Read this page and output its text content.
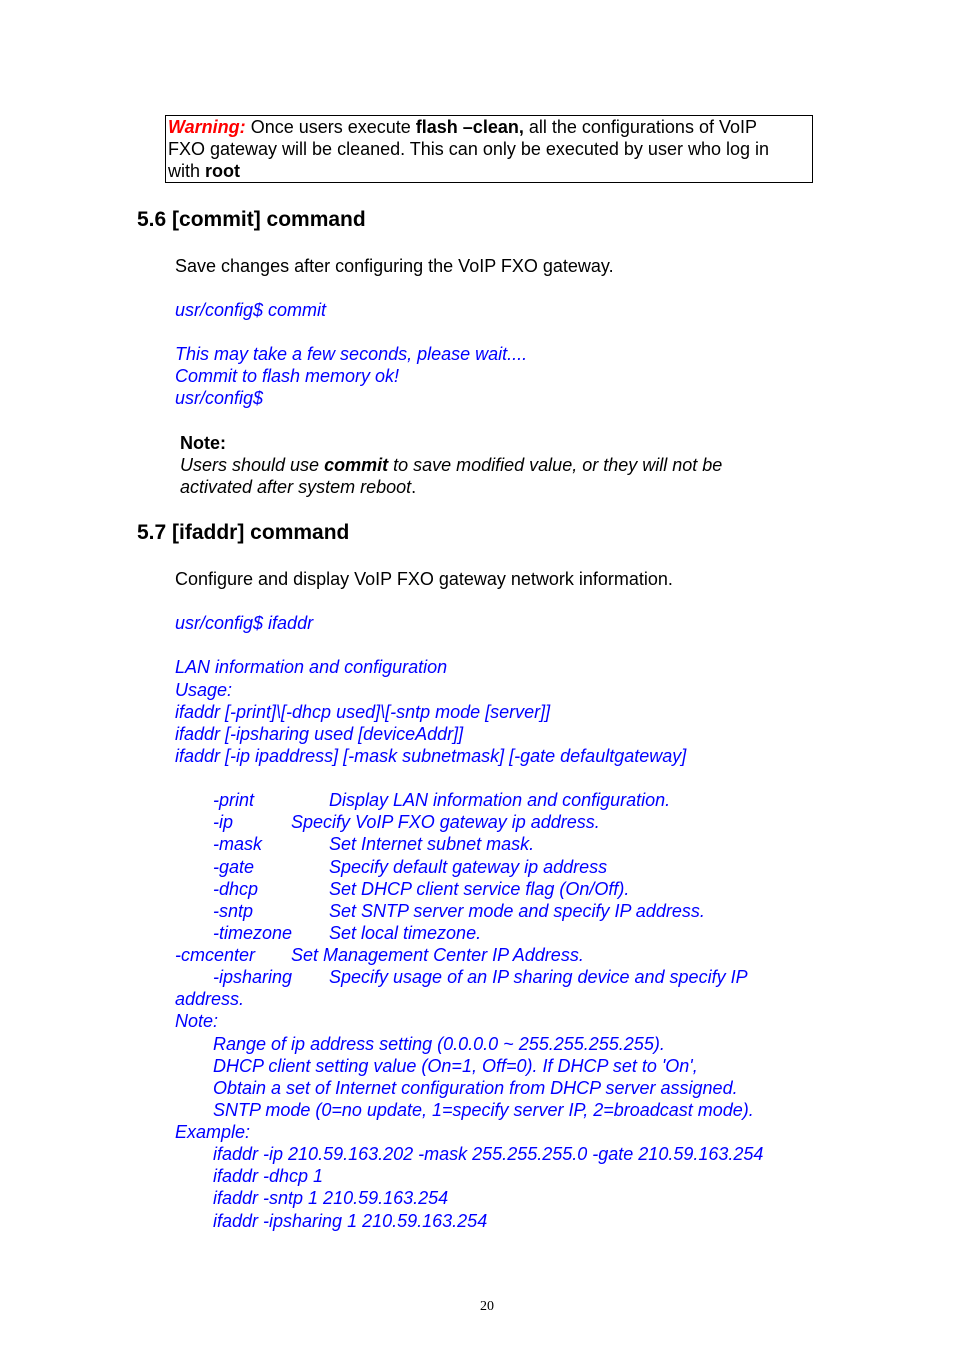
Warning: Once users execute flash –clean, all the configurations of VoIP
FXO gateway will be cleaned. This can only be executed by user who log in
with root
5.6 [commit] command
Save changes after configuring the VoIP FXO gateway.
usr/config$ commit
This may take a few seconds, please wait....
Commit to flash memory ok!
usr/config$
Note:
Users should use commit to save modified value, or they will not be
activated after system reboot.
5.7 [ifaddr] command
Configure and display VoIP FXO gateway network information.
usr/config$ ifaddr
LAN information and configuration
Usage:
ifaddr [-print]\[-dhcp used]\[-sntp mode [server]]
ifaddr [-ipsharing used [deviceAddr]]
ifaddr [-ip ipaddress] [-mask subnetmask] [-gate defaultgateway]
-print	Display LAN information and configuration.
-ip	Specify VoIP FXO gateway ip address.
-mask	Set Internet subnet mask.
-gate	Specify default gateway ip address
-dhcp	Set DHCP client service flag (On/Off).
-sntp	Set SNTP server mode and specify IP address.
-timezone Set local timezone.
-cmcenter Set Management Center IP Address.
-ipsharing Specify usage of an IP sharing device and specify IP
address.
Note:
Range of ip address setting (0.0.0.0 ~ 255.255.255.255).
DHCP client setting value (On=1, Off=0). If DHCP set to 'On',
Obtain a set of Internet configuration from DHCP server assigned.
SNTP mode (0=no update, 1=specify server IP, 2=broadcast mode).
Example:
ifaddr -ip 210.59.163.202 -mask 255.255.255.0 -gate 210.59.163.254
ifaddr -dhcp 1
ifaddr -sntp 1 210.59.163.254
ifaddr -ipsharing 1 210.59.163.254
20
